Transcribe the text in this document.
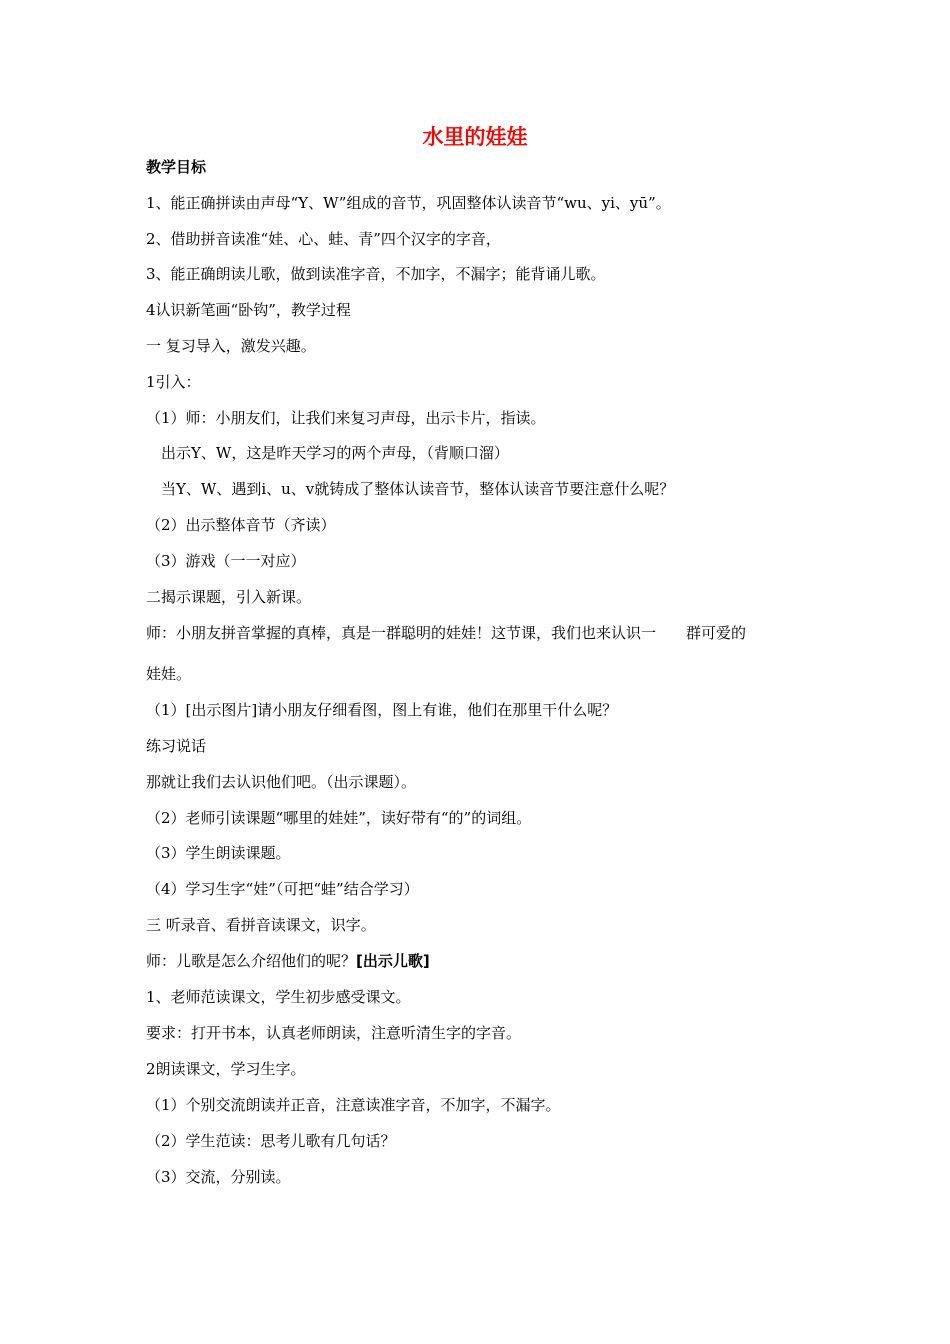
水里的娃娃
教学目标
1、能正确拼读由声母“Y、W”组成的音节，巩固整体认读音节“wu、yi、yū”。
2、借助拼音读准“娃、心、蛙、青”四个汉字的字音，
3、能正确朗读儿歌，做到读准字音，不加字，不漏字；能背诵儿歌。
4认识新笔画“卧钩”，教学过程
一 复习导入，激发兴趣。
1引入：
（1）师：小朋友们，让我们来复习声母，出示卡片，指读。
出示Y、W，这是昨天学习的两个声母，（背顺口溜）
当Y、W、遇到i、u、v就铸成了整体认读音节，整体认读音节要注意什么呢？
（2）出示整体音节（齐读）
（3）游戏（一一对应）
二揭示课题，引入新课。
师：小朋友拼音掌握的真棒，真是一群聪明的娃娃！这节课，我们也来认识一　　群可爱的
娃娃。
（1）[出示图片]请小朋友仔细看图，图上有谁，他们在那里干什么呢？
练习说话
那就让我们去认识他们吧。（出示课题）。
（2）老师引读课题“哪里的娃娃”，读好带有“的”的词组。
（3）学生朗读课题。
（4）学习生字“娃”（可把“蛙”结合学习）
三 听录音、看拼音读课文，识字。
师：儿歌是怎么介绍他们的呢？[出示儿歌]
1、老师范读课文，学生初步感受课文。
要求：打开书本，认真老师朗读，注意听清生字的字音。
2朗读课文，学习生字。
（1）个别交流朗读并正音，注意读准字音，不加字，不漏字。
（2）学生范读：思考儿歌有几句话？
（3）交流，分别读。
